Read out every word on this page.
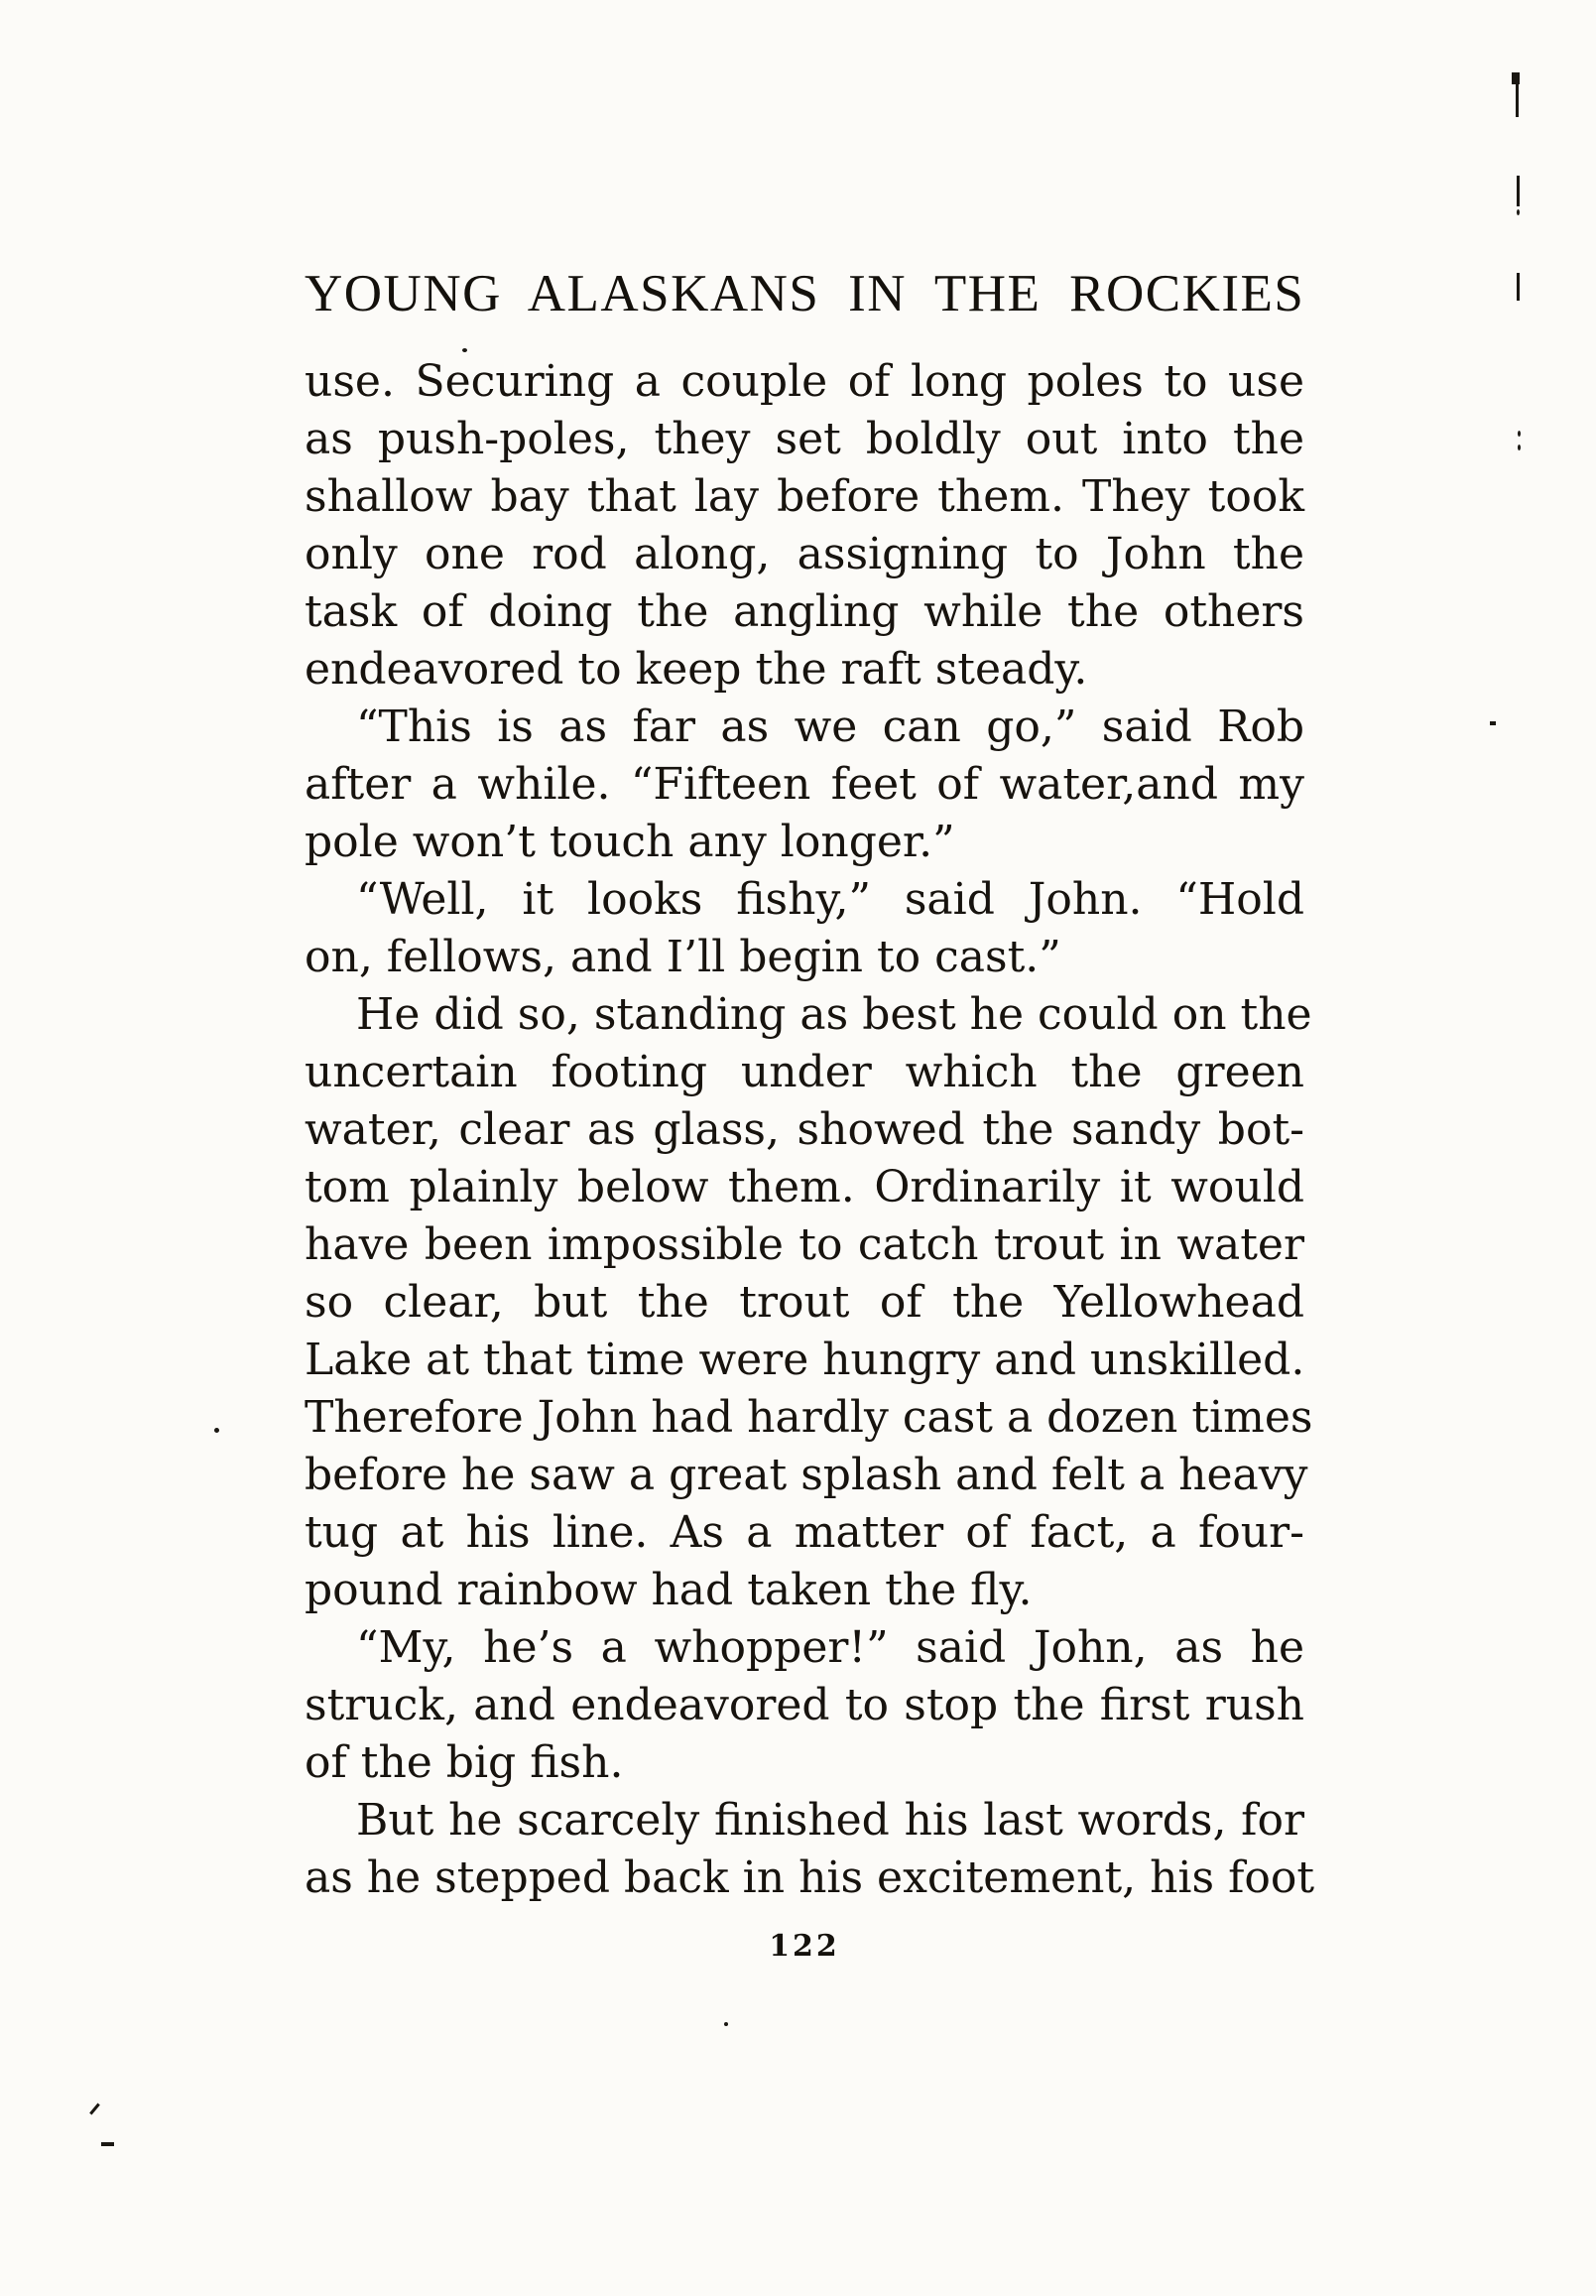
YOUNG ALASKANS IN THE ROCKIES
use. Securing a couple of long poles to use
as push-poles, they set boldly out into the
shallow bay that lay before them. They took
only one rod along, assigning to John the
task of doing the angling while the others
endeavored to keep the raft steady.
“This is as far as we can go,” said Rob
after a while. “Fifteen feet of water,and my
pole won’t touch any longer.”
“Well, it looks fishy,” said John. “Hold
on, fellows, and I’ll begin to cast.”
He did so, standing as best he could on the
uncertain footing under which the green
water, clear as glass, showed the sandy bot-
tom plainly below them. Ordinarily it would
have been impossible to catch trout in water
so clear, but the trout of the Yellowhead
Lake at that time were hungry and unskilled.
Therefore John had hardly cast a dozen times
before he saw a great splash and felt a heavy
tug at his line. As a matter of fact, a four-
pound rainbow had taken the fly.
“My, he’s a whopper!” said John, as he
struck, and endeavored to stop the first rush
of the big fish.
But he scarcely finished his last words, for
as he stepped back in his excitement, his foot
122
